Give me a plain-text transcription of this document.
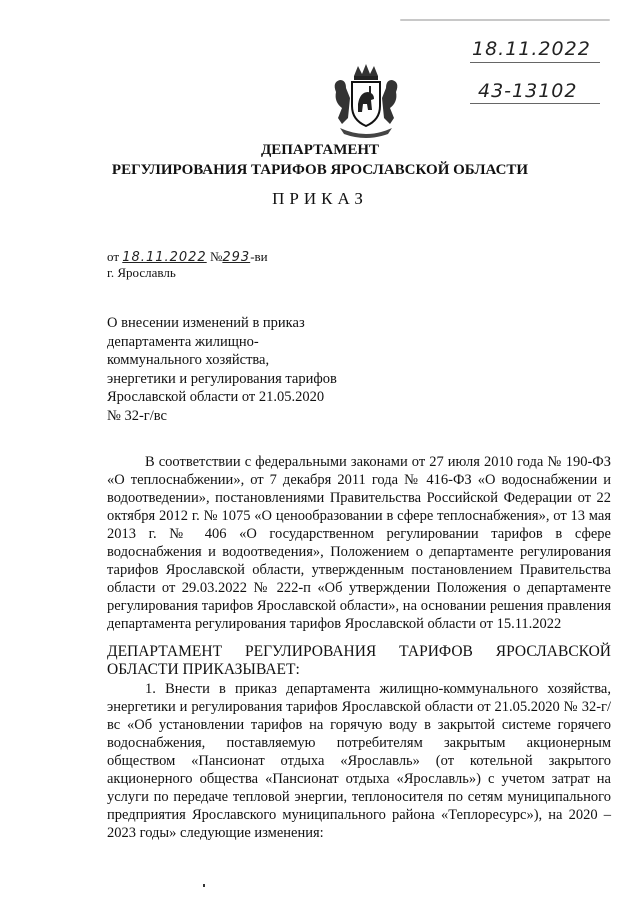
18.11.2022
43-13102
ДЕПАРТАМЕНТ
РЕГУЛИРОВАНИЯ ТАРИФОВ ЯРОСЛАВСКОЙ ОБЛАСТИ
ПРИКАЗ
от 18.11.2022 №293-ви
г. Ярославль
О внесении изменений в приказ департамента жилищно-коммунального хозяйства, энергетики и регулирования тарифов Ярославской области от 21.05.2020 № 32-г/вс
В соответствии с федеральными законами от 27 июля 2010 года № 190-ФЗ «О теплоснабжении», от 7 декабря 2011 года № 416-ФЗ «О водоснабжении и водоотведении», постановлениями Правительства Российской Федерации от 22 октября 2012 г. № 1075 «О ценообразовании в сфере теплоснабжения», от 13 мая 2013 г. № 406 «О государственном регулировании тарифов в сфере водоснабжения и водоотведения», Положением о департаменте регулирования тарифов Ярославской области, утвержденным постановлением Правительства области от 29.03.2022 № 222-п «Об утверждении Положения о департаменте регулирования тарифов Ярославской области», на основании решения правления департамента регулирования тарифов Ярославской области от 15.11.2022
ДЕПАРТАМЕНТ РЕГУЛИРОВАНИЯ ТАРИФОВ ЯРОСЛАВСКОЙ ОБЛАСТИ ПРИКАЗЫВАЕТ:
1. Внести в приказ департамента жилищно-коммунального хозяйства, энергетики и регулирования тарифов Ярославской области от 21.05.2020 № 32-г/вс «Об установлении тарифов на горячую воду в закрытой системе горячего водоснабжения, поставляемую потребителям закрытым акционерным обществом «Пансионат отдыха «Ярославль» (от котельной закрытого акционерного общества «Пансионат отдыха «Ярославль») с учетом затрат на услуги по передаче тепловой энергии, теплоносителя по сетям муниципального предприятия Ярославского муниципального района «Теплоресурс»), на 2020 – 2023 годы» следующие изменения:
